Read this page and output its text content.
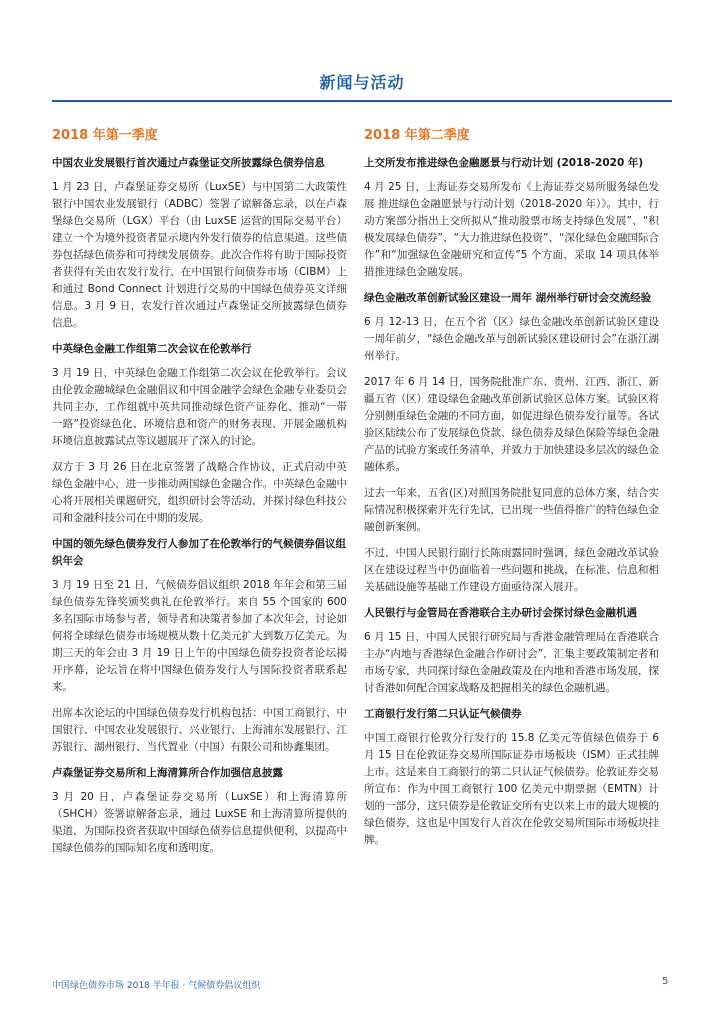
新闻与活动
2018 年第一季度
中国农业发展银行首次通过卢森堡证交所披露绿色债券信息
1 月 23 日，卢森堡证券交易所（LuxSE）与中国第二大政策性银行中国农业发展银行（ADBC）签署了谅解备忘录，以在卢森堡绿色交易所（LGX）平台（由 LuxSE 运营的国际交易平台）建立一个为境外投资者显示境内外发行债券的信息渠道。这些债券包括绿色债券和可持续发展债券。此次合作将有助于国际投资者获得有关由农发行发行、在中国银行间债券市场（CIBM）上和通过 Bond Connect 计划进行交易的中国绿色债券英文详细信息。3 月 9 日，农发行首次通过卢森堡证交所披露绿色债券信息。
中英绿色金融工作组第二次会议在伦敦举行
3 月 19 日，中英绿色金融工作组第二次会议在伦敦举行。会议由伦敦金融城绿色金融倡议和中国金融学会绿色金融专业委员会共同主办，工作组就中英共同推动绿色资产证券化、推动“一带一路”投资绿色化、环境信息和资产的财务表现、开展金融机构环境信息披露试点等议题展开了深入的讨论。
双方于 3 月 26 日在北京签署了战略合作协议，正式启动中英绿色金融中心，进一步推动两国绿色金融合作。中英绿色金融中心将开展相关课题研究，组织研讨会等活动，并探讨绿色科技公司和金融科技公司在中期的发展。
中国的领先绿色债券发行人参加了在伦敦举行的气候债券倡议组织年会
3 月 19 日至 21 日，气候债券倡议组织 2018 年年会和第三届绿色债券先锋奖颁奖典礼在伦敦举行。来自 55 个国家的 600 多名国际市场参与者，领导者和决策者参加了本次年会，讨论如何将全球绿色债券市场规模从数十亿美元扩大到数万亿美元。为期三天的年会由 3 月 19 日上午的中国绿色债券投资者论坛揭开序幕，论坛旨在将中国绿色债券发行人与国际投资者联系起来。
出席本次论坛的中国绿色债券发行机构包括：中国工商银行、中国银行、中国农业发展银行、兴业银行、上海浦东发展银行、江苏银行、湖州银行、当代置业（中国）有限公司和协鑫集团。
卢森堡证券交易所和上海清算所合作加强信息披露
3 月 20 日，卢森堡证券交易所（LuxSE）和上海清算所（SHCH）签署谅解备忘录，通过 LuxSE 和上海清算所提供的渠道，为国际投资者获取中国绿色债券信息提供便利，以提高中国绿色债券的国际知名度和透明度。
2018 年第二季度
上交所发布推进绿色金融愿景与行动计划 (2018-2020 年)
4 月 25 日，上海证券交易所发布《上海证券交易所服务绿色发展 推进绿色金融愿景与行动计划（2018-2020 年）》。其中，行动方案部分指出上交所拟从“推动股票市场支持绿色发展”、“积极发展绿色债券”、“大力推进绿色投资”、“深化绿色金融国际合作”和“加强绿色金融研究和宣传”5 个方面，采取 14 项具体举措推进绿色金融发展。
绿色金融改革创新试验区建设一周年 湖州举行研讨会交流经验
6 月 12-13 日，在五个省（区）绿色金融改革创新试验区建设一周年前夕，“绿色金融改革与创新试验区建设研讨会”在浙江湖州举行。
2017 年 6 月 14 日，国务院批准广东、贵州、江西、浙江、新疆五省（区）建设绿色金融改革创新试验区总体方案。试验区将分别侧重绿色金融的不同方面，如促进绿色债券发行量等。各试验区陆续公布了发展绿色贷款、绿色债券及绿色保险等绿色金融产品的试验方案或任务清单，并致力于加快建设多层次的绿色金融体系。
过去一年来，五省(区)对照国务院批复同意的总体方案，结合实际情况积极探索并先行先试，已出现一些值得推广的特色绿色金融创新案例。
不过，中国人民银行副行长陈雨露同时强调，绿色金融改革试验区在建设过程当中仍面临着一些问题和挑战，在标准、信息和相关基础设施等基础工作建设方面亟待深入展开。
人民银行与金管局在香港联合主办研讨会探讨绿色金融机遇
6 月 15 日，中国人民银行研究局与香港金融管理局在香港联合主办“内地与香港绿色金融合作研讨会”，汇集主要政策制定者和市场专家，共同探讨绿色金融政策及在内地和香港市场发展，探讨香港如何配合国家战略及把握相关的绿色金融机遇。
工商银行发行第二只认证气候债券
中国工商银行伦敦分行发行的 15.8 亿美元等值绿色债券于 6 月 15 日在伦敦证券交易所国际证券市场板块（ISM）正式挂牌上市。这是来自工商银行的第二只认证气候债券。伦敦证券交易所宣布：作为中国工商银行 100 亿美元中期票据（EMTN）计划的一部分，这只债券是伦敦证交所有史以来上市的最大规模的绿色债券，这也是中国发行人首次在伦敦交易所国际市场板块挂牌。
中国绿色债券市场 2018 半年报 · 气候债券倡议组织	5
